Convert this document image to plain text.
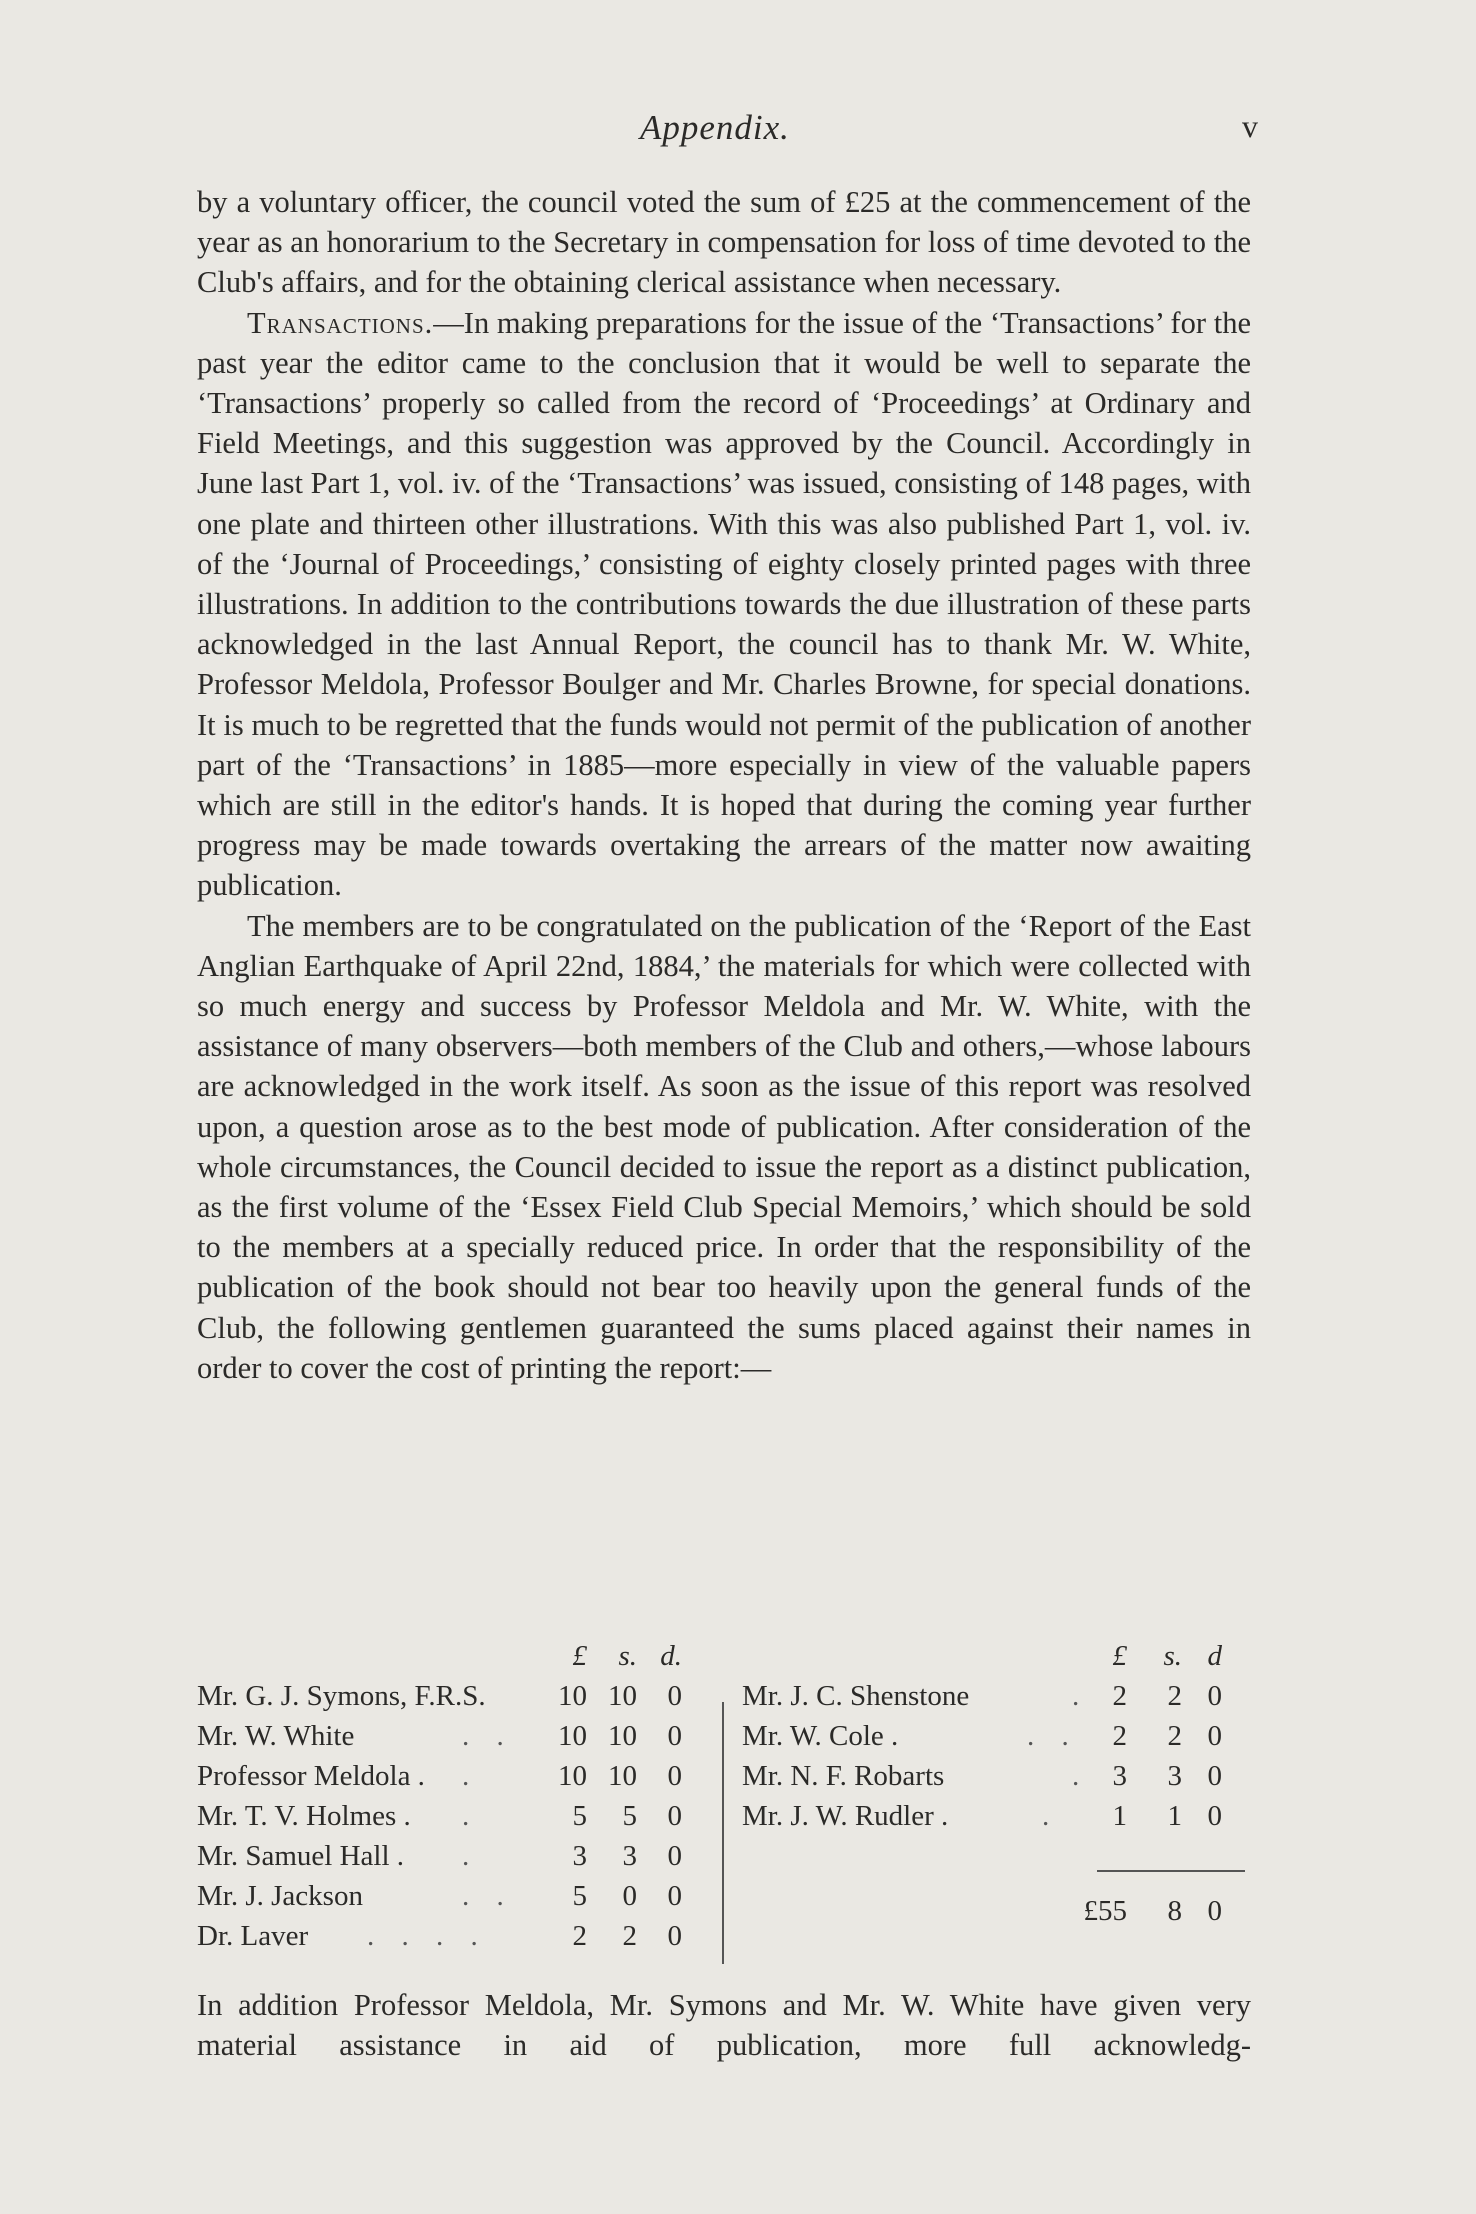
Appendix.	v

by a voluntary officer, the council voted the sum of £25 at the commencement of the year as an honorarium to the Secretary in compensation for loss of time devoted to the Club's affairs, and for the obtaining clerical assistance when necessary.

Transactions.—In making preparations for the issue of the ‘Transactions’ for the past year the editor came to the conclusion that it would be well to separate the ‘Transactions’ properly so called from the record of ‘Proceedings’ at Ordinary and Field Meetings, and this suggestion was approved by the Council. Accordingly in June last Part 1, vol. iv. of the ‘Transactions’ was issued, consisting of 148 pages, with one plate and thirteen other illustrations. With this was also published Part 1, vol. iv. of the ‘Journal of Proceedings,’ consisting of eighty closely printed pages with three illustrations. In addition to the contributions towards the due illustration of these parts acknowledged in the last Annual Report, the council has to thank Mr. W. White, Professor Meldola, Professor Boulger and Mr. Charles Browne, for special donations. It is much to be regretted that the funds would not permit of the publication of another part of the ‘Transactions’ in 1885—more especially in view of the valuable papers which are still in the editor's hands. It is hoped that during the coming year further progress may be made towards overtaking the arrears of the matter now awaiting publication.

The members are to be congratulated on the publication of the ‘Report of the East Anglian Earthquake of April 22nd, 1884,’ the materials for which were collected with so much energy and success by Professor Meldola and Mr. W. White, with the assistance of many observers—both members of the Club and others,—whose labours are acknowledged in the work itself. As soon as the issue of this report was resolved upon, a question arose as to the best mode of publication. After consideration of the whole circumstances, the Council decided to issue the report as a distinct publication, as the first volume of the ‘Essex Field Club Special Memoirs,’ which should be sold to the members at a specially reduced price. In order that the responsibility of the publication of the book should not bear too heavily upon the general funds of the Club, the following gentlemen guaranteed the sums placed against their names in order to cover the cost of printing the report:—

£	s. d.
Mr. G. J. Symons, F.R.S.	10 10	0
Mr. W. White	. .	10 10	0
Professor Meldola . .	10 10	0
Mr. T. V. Holmes . .	5	5	0
Mr. Samuel Hall . .	3	3	0
Mr. J. Jackson	. .	5	0	0
Dr. Laver . . . .	2	2	0
£	s. d
Mr. J. C. Shenstone	. 2	2 0
Mr. W. Cole .	. .	2	2 0
Mr. N. F. Robarts	. 3	3 0
Mr. J. W. Rudler .	.	1	1 0
£55	8 0

In addition Professor Meldola, Mr. Symons and Mr. W. White have given very material assistance in aid of publication, more full acknowledg-
